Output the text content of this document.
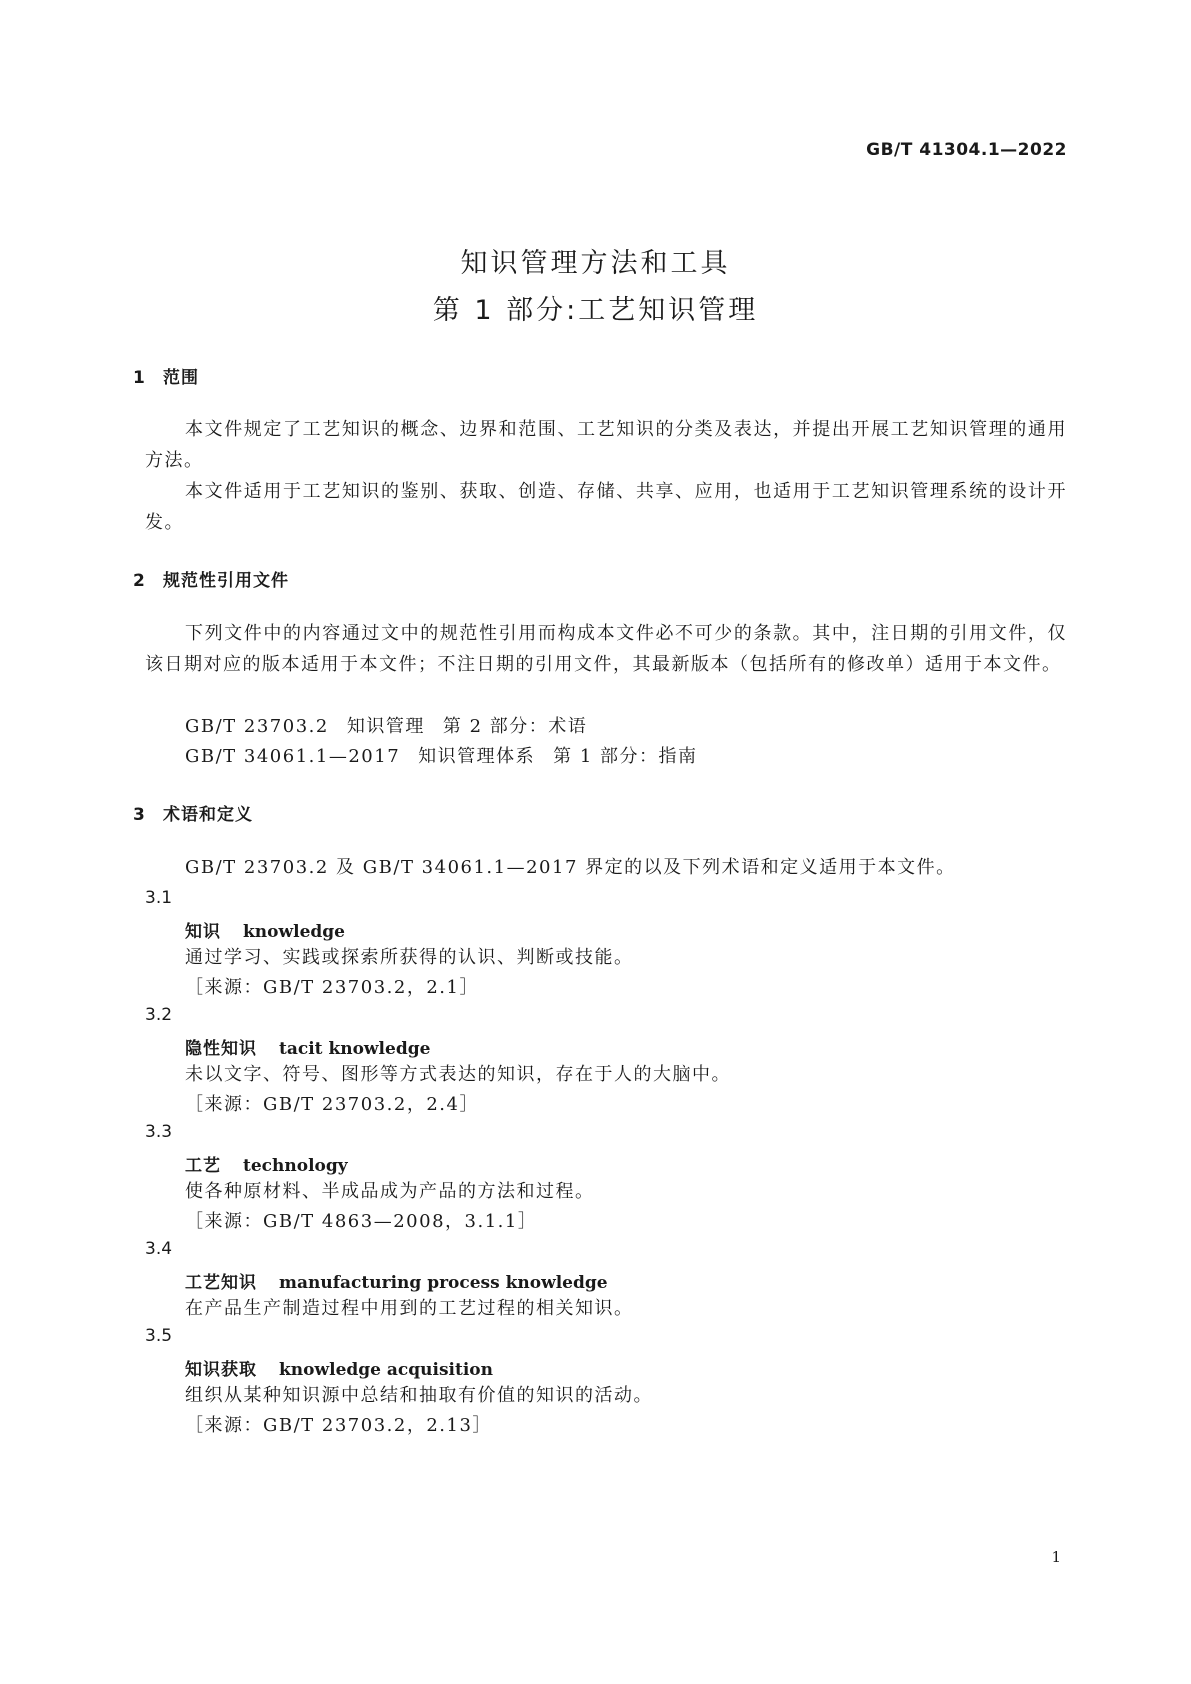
GB/T 41304.1—2022
知识管理方法和工具
第 1 部分:工艺知识管理
1 范围
本文件规定了工艺知识的概念、边界和范围、工艺知识的分类及表达，并提出开展工艺知识管理的通用方法。
本文件适用于工艺知识的鉴别、获取、创造、存储、共享、应用，也适用于工艺知识管理系统的设计开发。
2 规范性引用文件
下列文件中的内容通过文中的规范性引用而构成本文件必不可少的条款。其中，注日期的引用文件，仅该日期对应的版本适用于本文件；不注日期的引用文件，其最新版本（包括所有的修改单）适用于本文件。
GB/T 23703.2 知识管理 第 2 部分：术语
GB/T 34061.1—2017 知识管理体系 第 1 部分：指南
3 术语和定义
GB/T 23703.2 及 GB/T 34061.1—2017 界定的以及下列术语和定义适用于本文件。
3.1
知识 knowledge
通过学习、实践或探索所获得的认识、判断或技能。
［来源：GB/T 23703.2，2.1］
3.2
隐性知识 tacit knowledge
未以文字、符号、图形等方式表达的知识，存在于人的大脑中。
［来源：GB/T 23703.2，2.4］
3.3
工艺 technology
使各种原材料、半成品成为产品的方法和过程。
［来源：GB/T 4863—2008，3.1.1］
3.4
工艺知识 manufacturing process knowledge
在产品生产制造过程中用到的工艺过程的相关知识。
3.5
知识获取 knowledge acquisition
组织从某种知识源中总结和抽取有价值的知识的活动。
［来源：GB/T 23703.2，2.13］
1
